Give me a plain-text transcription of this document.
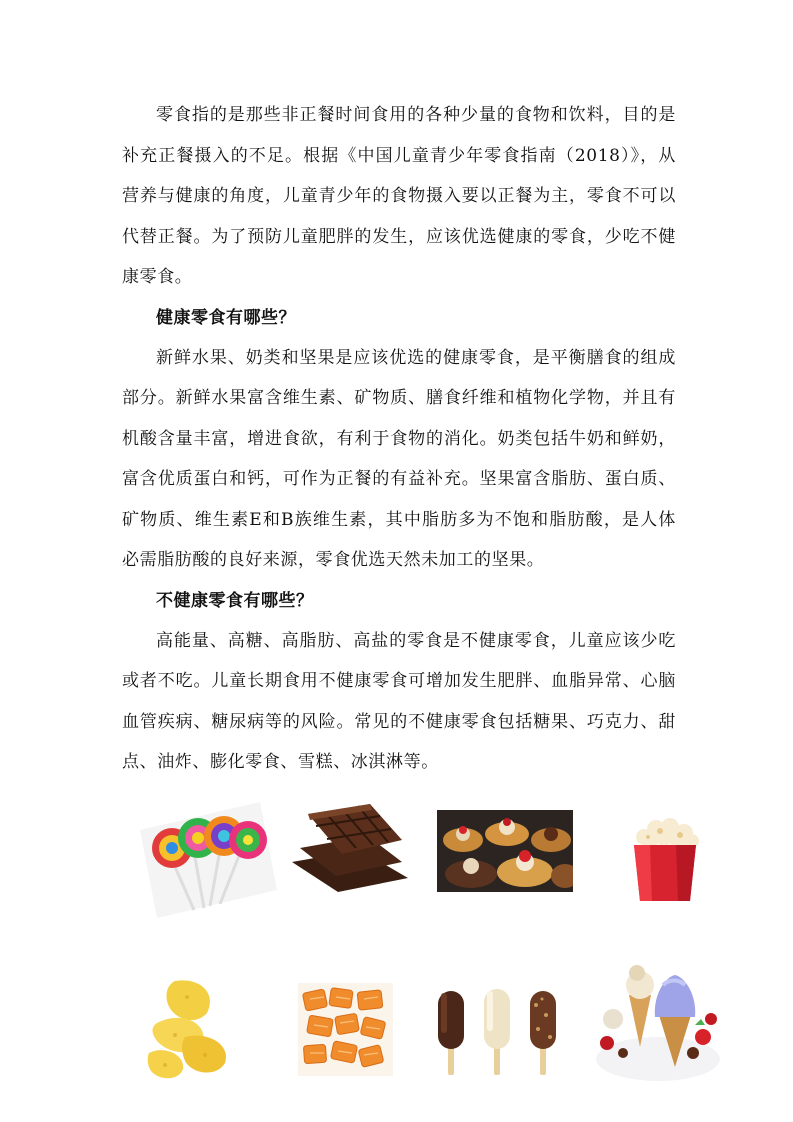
零食指的是那些非正餐时间食用的各种少量的食物和饮料，目的是补充正餐摄入的不足。根据《中国儿童青少年零食指南（2018）》，从营养与健康的角度，儿童青少年的食物摄入要以正餐为主，零食不可以代替正餐。为了预防儿童肥胖的发生，应该优选健康的零食，少吃不健康零食。

健康零食有哪些？

新鲜水果、奶类和坚果是应该优选的健康零食，是平衡膳食的组成部分。新鲜水果富含维生素、矿物质、膳食纤维和植物化学物，并且有机酸含量丰富，增进食欲，有利于食物的消化。奶类包括牛奶和鲜奶，富含优质蛋白和钙，可作为正餐的有益补充。坚果富含脂肪、蛋白质、矿物质、维生素E和B族维生素，其中脂肪多为不饱和脂肪酸，是人体必需脂肪酸的良好来源，零食优选天然未加工的坚果。

不健康零食有哪些？

高能量、高糖、高脂肪、高盐的零食是不健康零食，儿童应该少吃或者不吃。儿童长期食用不健康零食可增加发生肥胖、血脂异常、心脑血管疾病、糖尿病等的风险。常见的不健康零食包括糖果、巧克力、甜点、油炸、膨化零食、雪糕、冰淇淋等。
